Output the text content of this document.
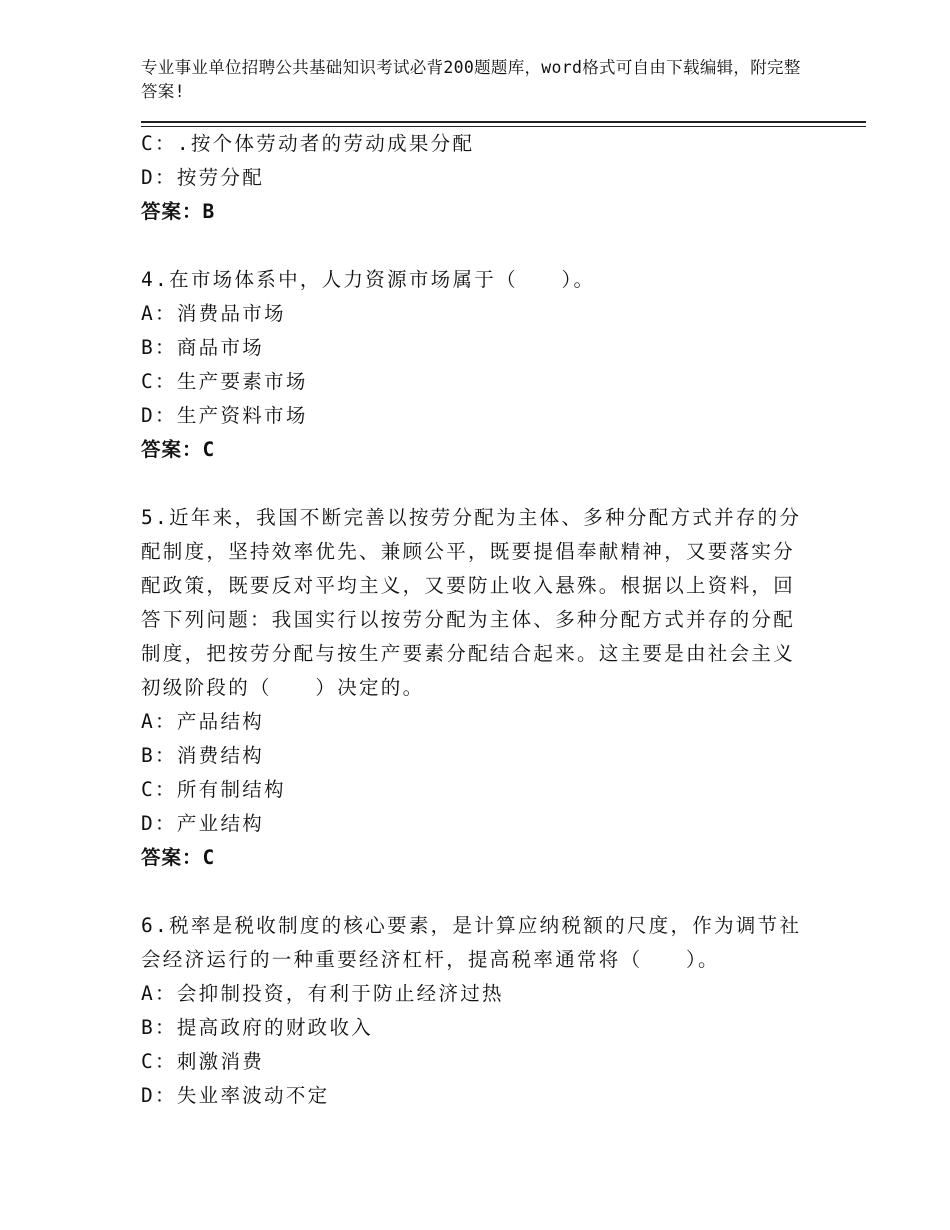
专业事业单位招聘公共基础知识考试必背200题题库，word格式可自由下载编辑，附完整答案!
C：.按个体劳动者的劳动成果分配
D：按劳分配
答案：B
4.在市场体系中，人力资源市场属于（　　）。
A：消费品市场
B：商品市场
C：生产要素市场
D：生产资料市场
答案：C
5.近年来，我国不断完善以按劳分配为主体、多种分配方式并存的分
配制度，坚持效率优先、兼顾公平，既要提倡奉献精神，又要落实分
配政策，既要反对平均主义，又要防止收入悬殊。根据以上资料，回
答下列问题：我国实行以按劳分配为主体、多种分配方式并存的分配
制度，把按劳分配与按生产要素分配结合起来。这主要是由社会主义
初级阶段的（　　）决定的。
A：产品结构
B：消费结构
C：所有制结构
D：产业结构
答案：C
6.税率是税收制度的核心要素，是计算应纳税额的尺度，作为调节社
会经济运行的一种重要经济杠杆，提高税率通常将（　　）。
A：会抑制投资，有利于防止经济过热
B：提高政府的财政收入
C：刺激消费
D：失业率波动不定
